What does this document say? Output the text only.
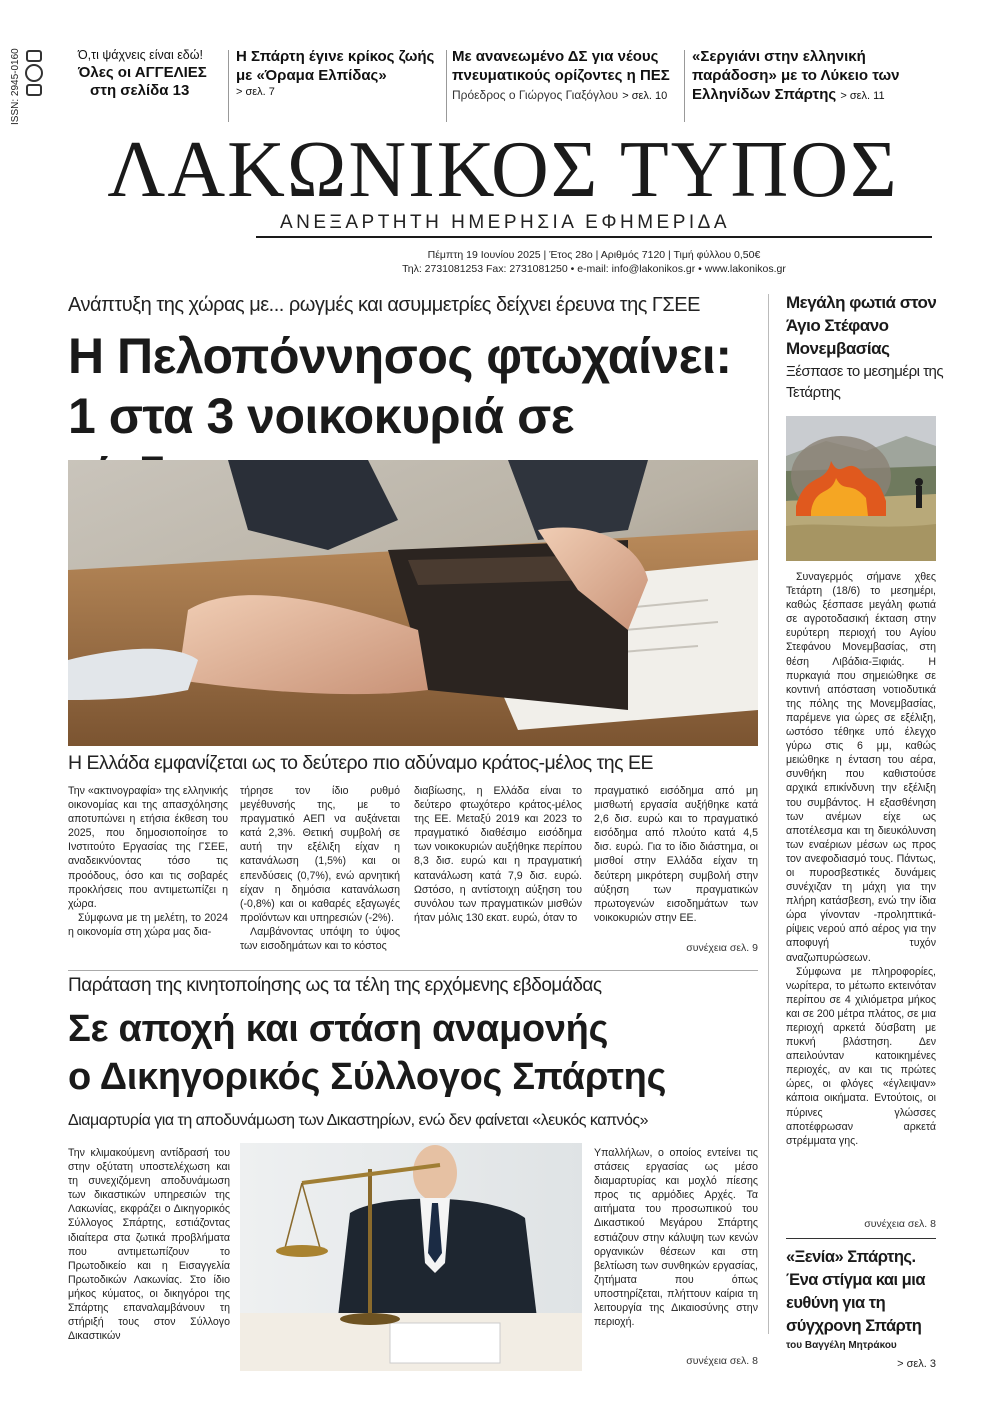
ISSN: 2945-0160	Ό,τι ψάχνεις είναι εδώ!
Όλες οι ΑΓΓΕΛΙΕΣ
στη σελίδα 13
Η Σπάρτη έγινε κρίκος ζωής με «Όραμα Ελπίδας»
> σελ. 7
Με ανανεωμένο ΔΣ για νέους πνευματικούς ορίζοντες η ΠΕΣ
Πρόεδρος ο Γιώργος Γιαξόγλου > σελ. 10
«Σεργιάνι στην ελληνική παράδοση» με το Λύκειο των Ελληνίδων Σπάρτης > σελ. 11
ΛΑΚΩΝΙΚΟΣ ΤΥΠΟΣ
ΑΝΕΞΑΡΤΗΤΗ ΗΜΕΡΗΣΙΑ ΕΦΗΜΕΡΙΔΑ
Πέμπτη 19 Ιουνίου 2025 | Έτος 28ο | Αριθμός 7120 | Τιμή φύλλου 0,50€
Τηλ: 2731081253 Fax: 2731081250 • e-mail: info@lakonikos.gr • www.lakonikos.gr
Ανάπτυξη της χώρας με... ρωγμές και ασυμμετρίες δείχνει έρευνα της ΓΣΕΕ
Η Πελοπόννησος φτωχαίνει:
1 στα 3 νοικοκυριά σε
Η Ελλάδα εμφανίζεται ως το δεύτερο πιο αδύναμο κράτος-μέλος της ΕΕ
Την «ακτινογραφία» της ελληνικής οικονομίας και της απασχόλησης αποτυπώνει η ετήσια έκθεση του 2025, που δημοσιοποίησε το Ινστιτούτο Εργασίας της ΓΣΕΕ, αναδεικνύοντας τόσο τις προόδους, όσο και τις σοβαρές προκλήσεις που αντιμετωπίζει η χώρα.
Σύμφωνα με τη μελέτη, το 2024 η οικονομία στη χώρα μας δια-
τήρησε τον ίδιο ρυθμό μεγέθυνσής της, με το πραγματικό ΑΕΠ να αυξάνεται κατά 2,3%. Θετική συμβολή σε αυτή την εξέλιξη είχαν η κατανάλωση (1,5%) και οι επενδύσεις (0,7%), ενώ αρνητική είχαν η δημόσια κατανάλωση (-0,8%) και οι καθαρές εξαγωγές προϊόντων και υπηρεσιών (-2%).
Λαμβάνοντας υπόψη το ύψος των εισοδημάτων και το κόστος
διαβίωσης, η Ελλάδα είναι το δεύτερο φτωχότερο κράτος-μέλος της ΕΕ. Μεταξύ 2019 και 2023 το πραγματικό διαθέσιμο εισόδημα των νοικοκυριών αυξήθηκε περίπου 8,3 δισ. ευρώ και η πραγματική κατανάλωση κατά 7,9 δισ. ευρώ. Ωστόσο, η αντίστοιχη αύξηση του συνόλου των πραγματικών μισθών ήταν μόλις 130 εκατ. ευρώ, όταν το
πραγματικό εισόδημα από μη μισθωτή εργασία αυξήθηκε κατά 2,6 δισ. ευρώ και το πραγματικό εισόδημα από πλούτο κατά 4,5 δισ. ευρώ. Για το ίδιο διάστημα, οι μισθοί στην Ελλάδα είχαν τη δεύτερη μικρότερη συμβολή στην αύξηση των πραγματικών πρωτογενών εισοδημάτων των νοικοκυριών στην ΕΕ.
συνέχεια σελ. 9
Παράταση της κινητοποίησης ως τα τέλη της ερχόμενης εβδομάδας
Σε αποχή και στάση αναμονής
ο Δικηγορικός Σύλλογος Σπάρτης
Διαμαρτυρία για τη αποδυνάμωση των Δικαστηρίων, ενώ δεν φαίνεται «λευκός καπνός»
Την κλιμακούμενη αντίδρασή του στην οξύτατη υποστελέχωση και τη συνεχιζόμενη αποδυνάμωση των δικαστικών υπηρεσιών της Λακωνίας, εκφράζει ο Δικηγορικός Σύλλογος Σπάρτης, εστιάζοντας ιδιαίτερα στα ζωτικά προβλήματα που αντιμετωπίζουν το Πρωτοδικείο και η Εισαγγελία Πρωτοδικών Λακωνίας. Στο ίδιο μήκος κύματος, οι δικηγόροι της Σπάρτης επαναλαμβάνουν τη στήριξή τους στον Σύλλογο Δικαστικών
Υπαλλήλων, ο οποίος εντείνει τις στάσεις εργασίας ως μέσο διαμαρτυρίας και μοχλό πίεσης προς τις αρμόδιες Αρχές. Τα αιτήματα του προσωπικού του Δικαστικού Μεγάρου Σπάρτης εστιάζουν στην κάλυψη των κενών οργανικών θέσεων και στη βελτίωση των συνθηκών εργασίας, ζητήματα που όπως υποστηρίζεται, πλήττουν καίρια τη λειτουργία της Δικαιοσύνης στην περιοχή.
συνέχεια σελ. 8
Μεγάλη φωτιά στον Άγιο Στέφανο Μονεμβασίας
Ξέσπασε το μεσημέρι της Τετάρτης
Συναγερμός σήμανε χθες Τετάρτη (18/6) το μεσημέρι, καθώς ξέσπασε μεγάλη φωτιά σε αγροτοδασική έκταση στην ευρύτερη περιοχή του Αγίου Στεφάνου Μονεμβασίας, στη θέση Λιβάδια-Ξιφιάς. Η πυρκαγιά που σημειώθηκε σε κοντινή απόσταση νοτιοδυτικά της πόλης της Μονεμβασίας, παρέμενε για ώρες σε εξέλιξη, ωστόσο τέθηκε υπό έλεγχο γύρω στις 6 μμ, καθώς μειώθηκε η ένταση του αέρα, συνθήκη που καθιστούσε αρχικά επικίνδυνη την εξέλιξη του συμβάντος. Η εξασθένηση των ανέμων είχε ως αποτέλεσμα και τη διευκόλυνση των εναέριων μέσων ως προς τον ανεφοδιασμό τους. Πάντως, οι πυροσβεστικές δυνάμεις συνέχιζαν τη μάχη για την πλήρη κατάσβεση, ενώ την ίδια ώρα γίνονταν -προληπτικά- ρίψεις νερού από αέρος για την αποφυγή τυχόν αναζωπυρώσεων.
Σύμφωνα με πληροφορίες, νωρίτερα, το μέτωπο εκτεινόταν περίπου σε 4 χιλιόμετρα μήκος και σε 200 μέτρα πλάτος, σε μια περιοχή αρκετά δύσβατη με πυκνή βλάστηση. Δεν απειλούνταν κατοικημένες περιοχές, αν και τις πρώτες ώρες, οι φλόγες «έγλειψαν» κάποια οικήματα. Εντούτοις, οι πύρινες γλώσσες αποτέφρωσαν αρκετά στρέμματα γης.
συνέχεια σελ. 8
«Ξενία» Σπάρτης. Ένα στίγμα και μια ευθύνη για τη σύγχρονη Σπάρτη
του Βαγγέλη Μητράκου
> σελ. 3
